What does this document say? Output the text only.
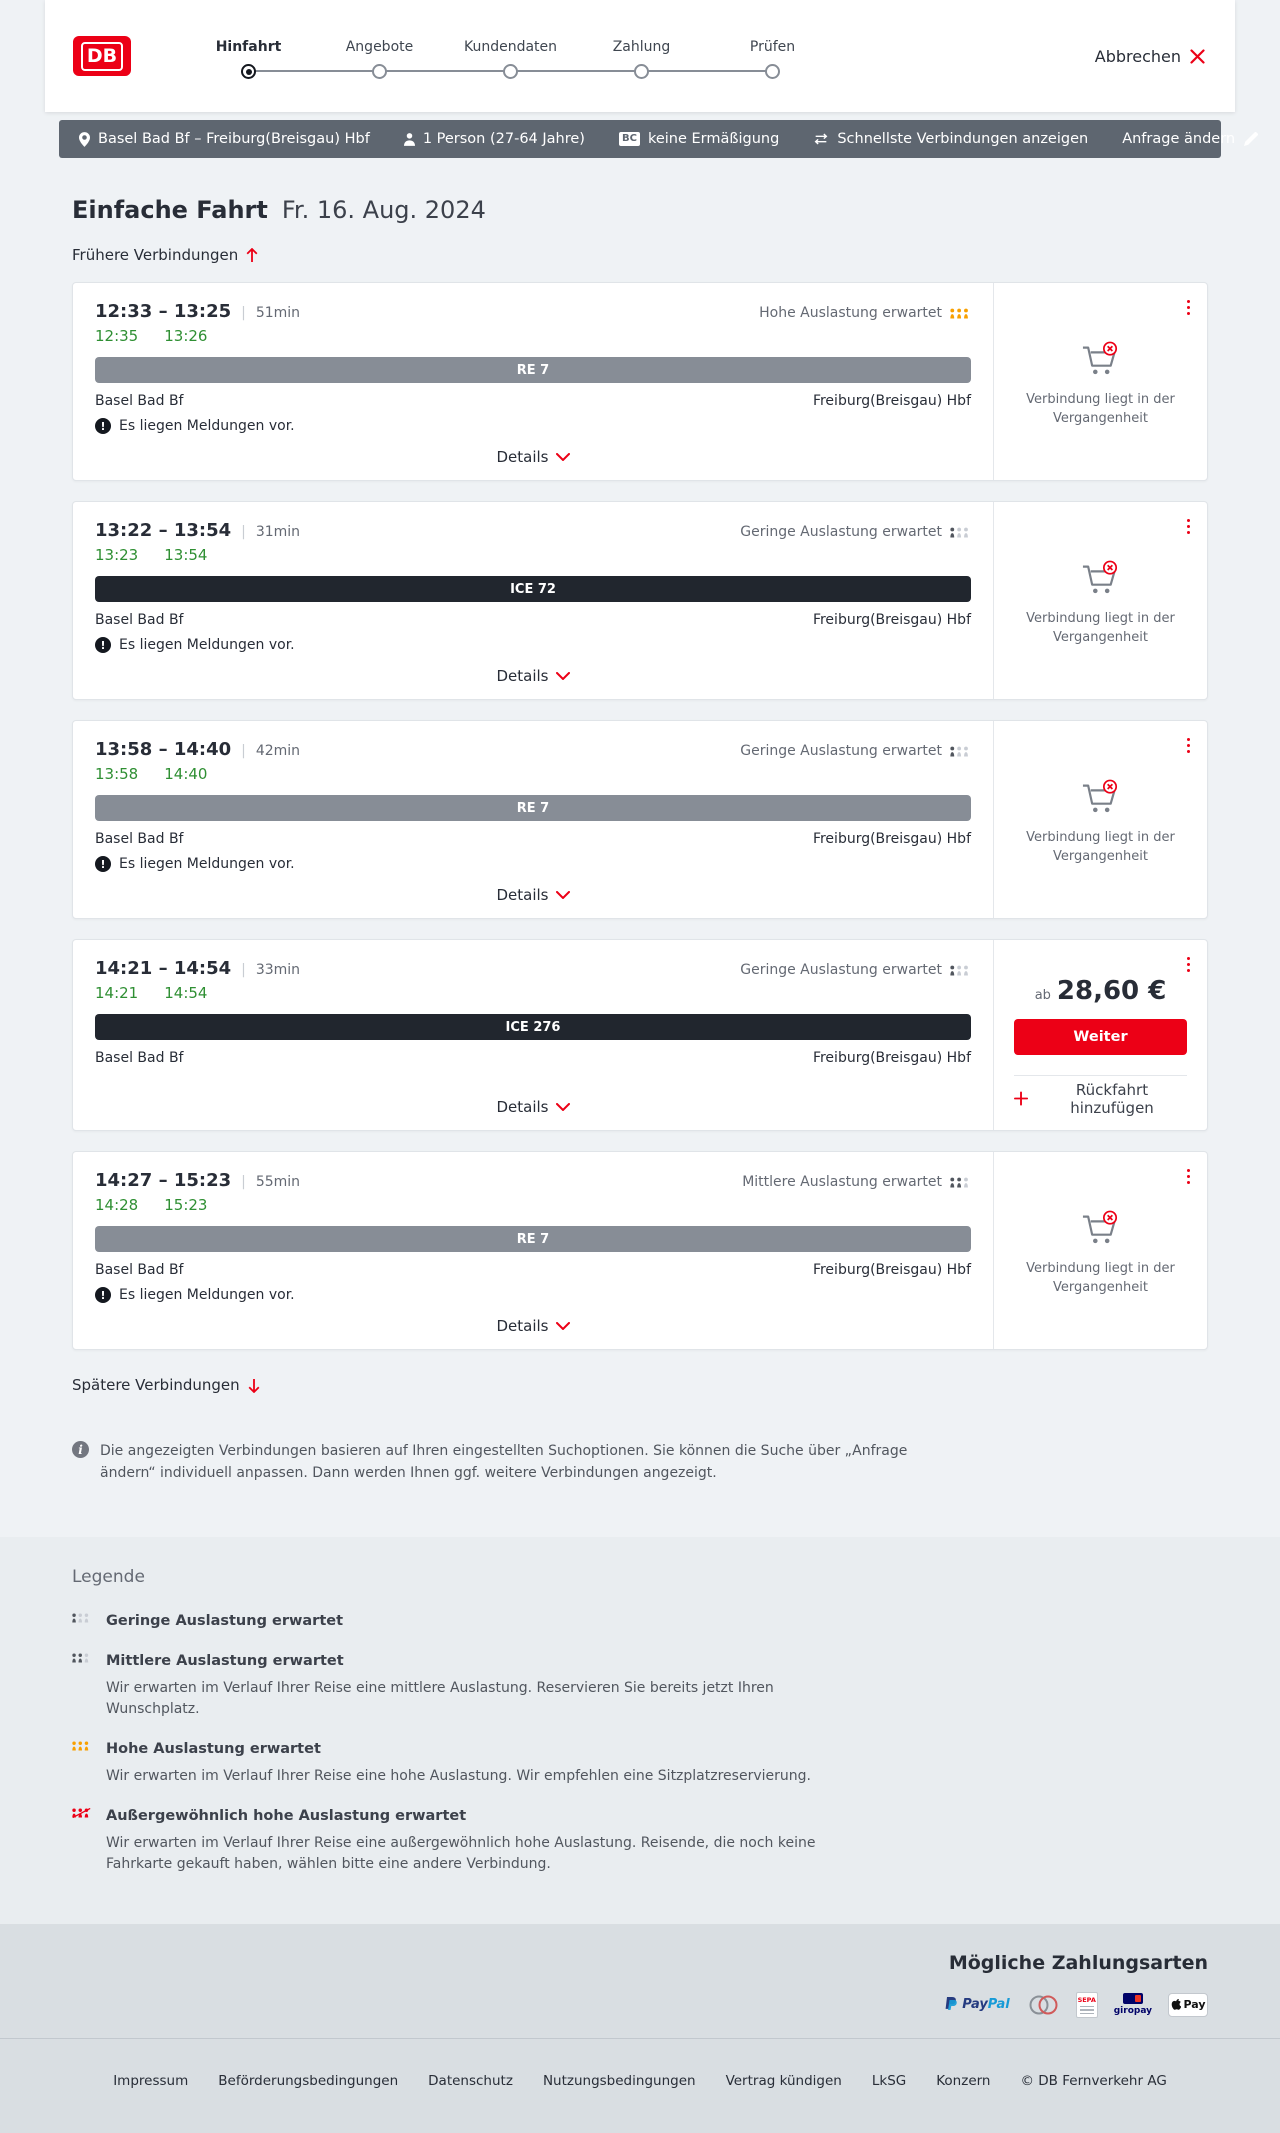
DB	Hinfahrt	Angebote	Kundendaten	Zahlung	Prüfen	Abbrechen
Basel Bad Bf – Freiburg(Breisgau) Hbf	1 Person (27-64 Jahre)	BC keine Ermäßigung	Schnellste Verbindungen anzeigen Anfrage ändern
Einfache Fahrt Fr. 16. Aug. 2024
Frühere Verbindungen
12:33 – 13:25 | 51min	Hohe Auslastung erwartet
12:35 13:26
RE 7
Basel Bad Bf	Freiburg(Breisgau) Hbf
! Es liegen Meldungen vor.
Details
Verbindung liegt in der Vergangenheit
13:22 – 13:54 | 31min	Geringe Auslastung erwartet
13:23 13:54
ICE 72
Basel Bad Bf	Freiburg(Breisgau) Hbf
! Es liegen Meldungen vor.
Details
Verbindung liegt in der Vergangenheit
13:58 – 14:40 | 42min	Geringe Auslastung erwartet
13:58 14:40
RE 7
Basel Bad Bf	Freiburg(Breisgau) Hbf
! Es liegen Meldungen vor.
Details
Verbindung liegt in der Vergangenheit
14:21 – 14:54 | 33min	Geringe Auslastung erwartet
14:21 14:54
ICE 276
Basel Bad Bf	Freiburg(Breisgau) Hbf
Details
ab 28,60 €
Weiter
Rückfahrt hinzufügen
14:27 – 15:23 | 55min	Mittlere Auslastung erwartet
14:28 15:23
RE 7
Basel Bad Bf	Freiburg(Breisgau) Hbf
! Es liegen Meldungen vor.
Details
Verbindung liegt in der Vergangenheit
Spätere Verbindungen
i	Die angezeigten Verbindungen basieren auf Ihren eingestellten Suchoptionen. Sie können die Suche über „Anfrage ändern“ individuell anpassen. Dann werden Ihnen ggf. weitere Verbindungen angezeigt.

Legende
Geringe Auslastung erwartet
Mittlere Auslastung erwartet
Wir erwarten im Verlauf Ihrer Reise eine mittlere Auslastung. Reservieren Sie bereits jetzt Ihren Wunschplatz.
Hohe Auslastung erwartet
Wir erwarten im Verlauf Ihrer Reise eine hohe Auslastung. Wir empfehlen eine Sitzplatzreservierung.
Außergewöhnlich hohe Auslastung erwartet
Wir erwarten im Verlauf Ihrer Reise eine außergewöhnlich hohe Auslastung. Reisende, die noch keine Fahrkarte gekauft haben, wählen bitte eine andere Verbindung.
Mögliche Zahlungsarten
PayPal	SEPA
giropay	Pay
Impressum Beförderungsbedingungen Datenschutz Nutzungsbedingungen Vertrag kündigen LkSG Konzern © DB Fernverkehr AG
